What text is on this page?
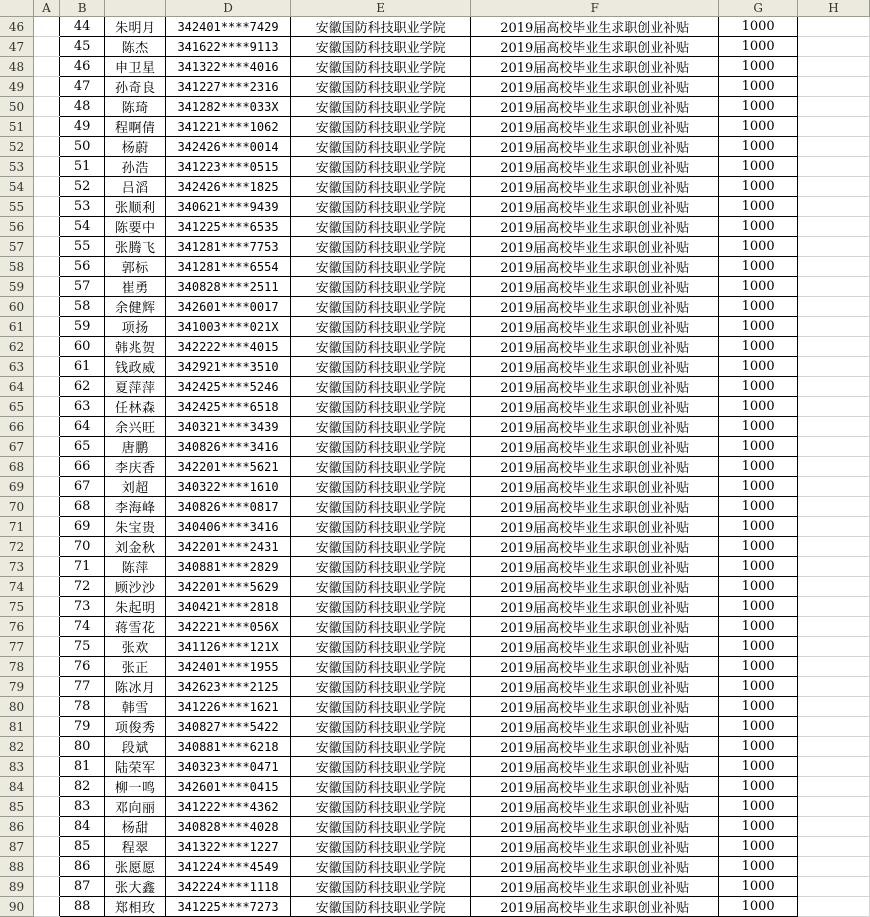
	A	B		D	E	F	G	H
46		44	朱明月	342401****7429	安徽国防科技职业学院	2019届高校毕业生求职创业补贴	1000	
47		45	陈杰	341622****9113	安徽国防科技职业学院	2019届高校毕业生求职创业补贴	1000	
48		46	申卫星	341322****4016	安徽国防科技职业学院	2019届高校毕业生求职创业补贴	1000	
49		47	孙奇良	341227****2316	安徽国防科技职业学院	2019届高校毕业生求职创业补贴	1000	
50		48	陈琦	341282****033X	安徽国防科技职业学院	2019届高校毕业生求职创业补贴	1000	
51		49	程啊倩	341221****1062	安徽国防科技职业学院	2019届高校毕业生求职创业补贴	1000	
52		50	杨蔚	342426****0014	安徽国防科技职业学院	2019届高校毕业生求职创业补贴	1000	
53		51	孙浩	341223****0515	安徽国防科技职业学院	2019届高校毕业生求职创业补贴	1000	
54		52	吕滔	342426****1825	安徽国防科技职业学院	2019届高校毕业生求职创业补贴	1000	
55		53	张顺利	340621****9439	安徽国防科技职业学院	2019届高校毕业生求职创业补贴	1000	
56		54	陈要中	341225****6535	安徽国防科技职业学院	2019届高校毕业生求职创业补贴	1000	
57		55	张腾飞	341281****7753	安徽国防科技职业学院	2019届高校毕业生求职创业补贴	1000	
58		56	郭标	341281****6554	安徽国防科技职业学院	2019届高校毕业生求职创业补贴	1000	
59		57	崔勇	340828****2511	安徽国防科技职业学院	2019届高校毕业生求职创业补贴	1000	
60		58	余健辉	342601****0017	安徽国防科技职业学院	2019届高校毕业生求职创业补贴	1000	
61		59	项扬	341003****021X	安徽国防科技职业学院	2019届高校毕业生求职创业补贴	1000	
62		60	韩兆贺	342222****4015	安徽国防科技职业学院	2019届高校毕业生求职创业补贴	1000	
63		61	钱政威	342921****3510	安徽国防科技职业学院	2019届高校毕业生求职创业补贴	1000	
64		62	夏萍萍	342425****5246	安徽国防科技职业学院	2019届高校毕业生求职创业补贴	1000	
65		63	任林森	342425****6518	安徽国防科技职业学院	2019届高校毕业生求职创业补贴	1000	
66		64	余兴旺	340321****3439	安徽国防科技职业学院	2019届高校毕业生求职创业补贴	1000	
67		65	唐鹏	340826****3416	安徽国防科技职业学院	2019届高校毕业生求职创业补贴	1000	
68		66	李庆香	342201****5621	安徽国防科技职业学院	2019届高校毕业生求职创业补贴	1000	
69		67	刘超	340322****1610	安徽国防科技职业学院	2019届高校毕业生求职创业补贴	1000	
70		68	李海峰	340826****0817	安徽国防科技职业学院	2019届高校毕业生求职创业补贴	1000	
71		69	朱宝贵	340406****3416	安徽国防科技职业学院	2019届高校毕业生求职创业补贴	1000	
72		70	刘金秋	342201****2431	安徽国防科技职业学院	2019届高校毕业生求职创业补贴	1000	
73		71	陈萍	340881****2829	安徽国防科技职业学院	2019届高校毕业生求职创业补贴	1000	
74		72	顾沙沙	342201****5629	安徽国防科技职业学院	2019届高校毕业生求职创业补贴	1000	
75		73	朱起明	340421****2818	安徽国防科技职业学院	2019届高校毕业生求职创业补贴	1000	
76		74	蒋雪花	342221****056X	安徽国防科技职业学院	2019届高校毕业生求职创业补贴	1000	
77		75	张欢	341126****121X	安徽国防科技职业学院	2019届高校毕业生求职创业补贴	1000	
78		76	张正	342401****1955	安徽国防科技职业学院	2019届高校毕业生求职创业补贴	1000	
79		77	陈冰月	342623****2125	安徽国防科技职业学院	2019届高校毕业生求职创业补贴	1000	
80		78	韩雪	341226****1621	安徽国防科技职业学院	2019届高校毕业生求职创业补贴	1000	
81		79	项俊秀	340827****5422	安徽国防科技职业学院	2019届高校毕业生求职创业补贴	1000	
82		80	段斌	340881****6218	安徽国防科技职业学院	2019届高校毕业生求职创业补贴	1000	
83		81	陆荣军	340323****0471	安徽国防科技职业学院	2019届高校毕业生求职创业补贴	1000	
84		82	柳一鸣	342601****0415	安徽国防科技职业学院	2019届高校毕业生求职创业补贴	1000	
85		83	邓向丽	341222****4362	安徽国防科技职业学院	2019届高校毕业生求职创业补贴	1000	
86		84	杨甜	340828****4028	安徽国防科技职业学院	2019届高校毕业生求职创业补贴	1000	
87		85	程翠	341322****1227	安徽国防科技职业学院	2019届高校毕业生求职创业补贴	1000	
88		86	张愿愿	341224****4549	安徽国防科技职业学院	2019届高校毕业生求职创业补贴	1000	
89		87	张大鑫	342224****1118	安徽国防科技职业学院	2019届高校毕业生求职创业补贴	1000	
90		88	郑相玫	341225****7273	安徽国防科技职业学院	2019届高校毕业生求职创业补贴	1000	
